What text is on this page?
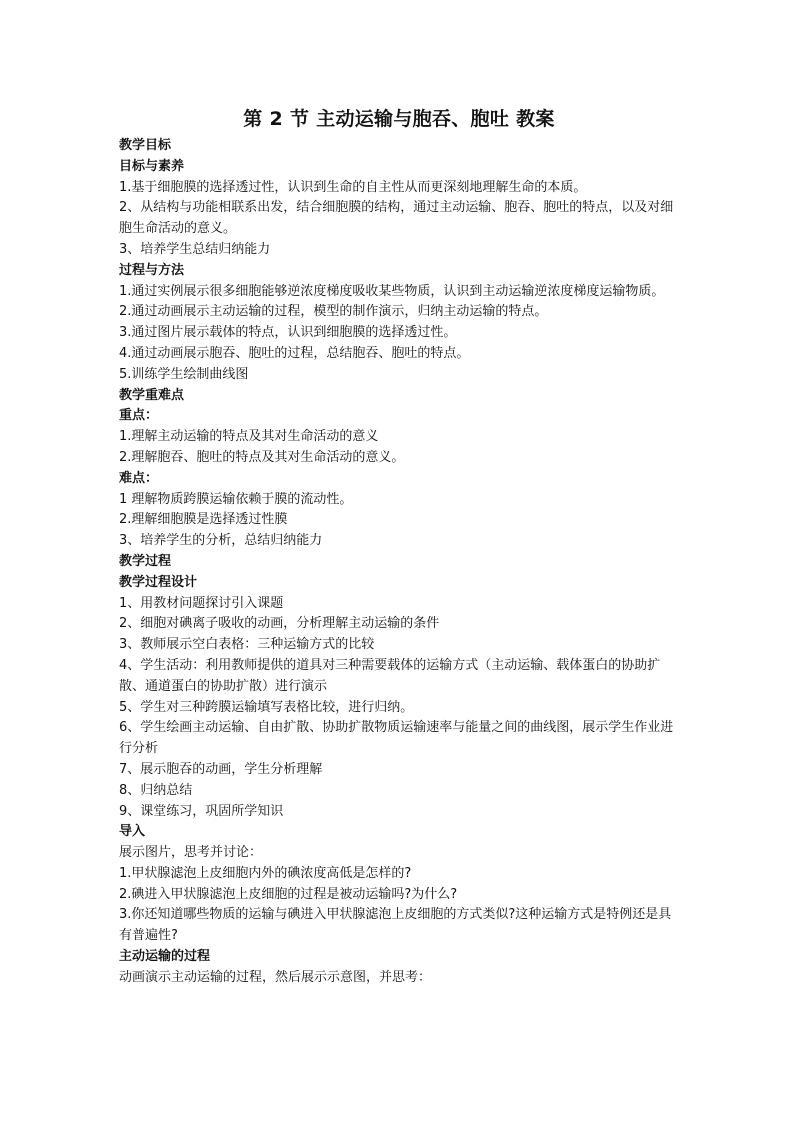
第 2 节 主动运输与胞吞、胞吐 教案

教学目标

目标与素养

1.基于细胞膜的选择透过性，认识到生命的自主性从而更深刻地理解生命的本质。

2、从结构与功能相联系出发，结合细胞膜的结构，通过主动运输、胞吞、胞吐的特点，以及对细胞生命活动的意义。

3、培养学生总结归纳能力

过程与方法

1.通过实例展示很多细胞能够逆浓度梯度吸收某些物质，认识到主动运输逆浓度梯度运输物质。

2.通过动画展示主动运输的过程，模型的制作演示，归纳主动运输的特点。

3.通过图片展示载体的特点，认识到细胞膜的选择透过性。

4.通过动画展示胞吞、胞吐的过程，总结胞吞、胞吐的特点。

5.训练学生绘制曲线图

教学重难点

重点：

1.理解主动运输的特点及其对生命活动的意义

2.理解胞吞、胞吐的特点及其对生命活动的意义。

难点：

1 理解物质跨膜运输依赖于膜的流动性。

2.理解细胞膜是选择透过性膜

3、培养学生的分析，总结归纳能力

教学过程

教学过程设计

1、用教材问题探讨引入课题

2、细胞对碘离子吸收的动画，分析理解主动运输的条件

3、教师展示空白表格：三种运输方式的比较

4、学生活动：利用教师提供的道具对三种需要载体的运输方式（主动运输、载体蛋白的协助扩散、通道蛋白的协助扩散）进行演示

5、学生对三种跨膜运输填写表格比较，进行归纳。

6、学生绘画主动运输、自由扩散、协助扩散物质运输速率与能量之间的曲线图，展示学生作业进行分析

7、展示胞吞的动画，学生分析理解

8、归纳总结

9、课堂练习，巩固所学知识

导入

展示图片，思考并讨论：

1.甲状腺滤泡上皮细胞内外的碘浓度高低是怎样的?

2.碘进入甲状腺滤泡上皮细胞的过程是被动运输吗?为什么?

3.你还知道哪些物质的运输与碘进入甲状腺滤泡上皮细胞的方式类似?这种运输方式是特例还是具有普遍性?

主动运输的过程

动画演示主动运输的过程，然后展示示意图，并思考：
